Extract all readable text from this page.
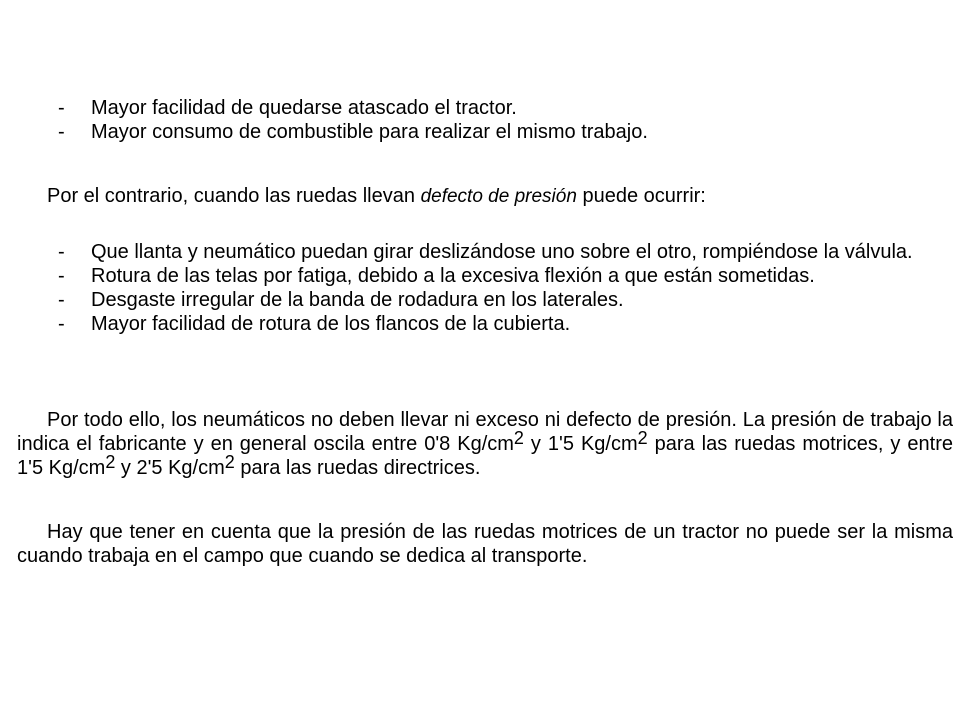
- Mayor facilidad de quedarse atascado el tractor.
- Mayor consumo de combustible para realizar el mismo trabajo.
Por el contrario, cuando las ruedas llevan defecto de presión puede ocurrir:
- Que llanta y neumático puedan girar deslizándose uno sobre el otro, rompiéndose la válvula.
- Rotura de las telas por fatiga, debido a la excesiva flexión a que están sometidas.
- Desgaste irregular de la banda de rodadura en los laterales.
- Mayor facilidad de rotura de los flancos de la cubierta.
Por todo ello, los neumáticos no deben llevar ni exceso ni defecto de presión. La presión de trabajo la indica el fabricante y en general oscila entre 0'8 $Kg/cm^2$ y 1'5 $Kg/cm^2$ para las ruedas motrices, y entre 1'5 $Kg/cm^2$ y 2'5 $Kg/cm^2$ para las ruedas directrices.
Hay que tener en cuenta que la presión de las ruedas motrices de un tractor no puede ser la misma cuando trabaja en el campo que cuando se dedica al transporte.
